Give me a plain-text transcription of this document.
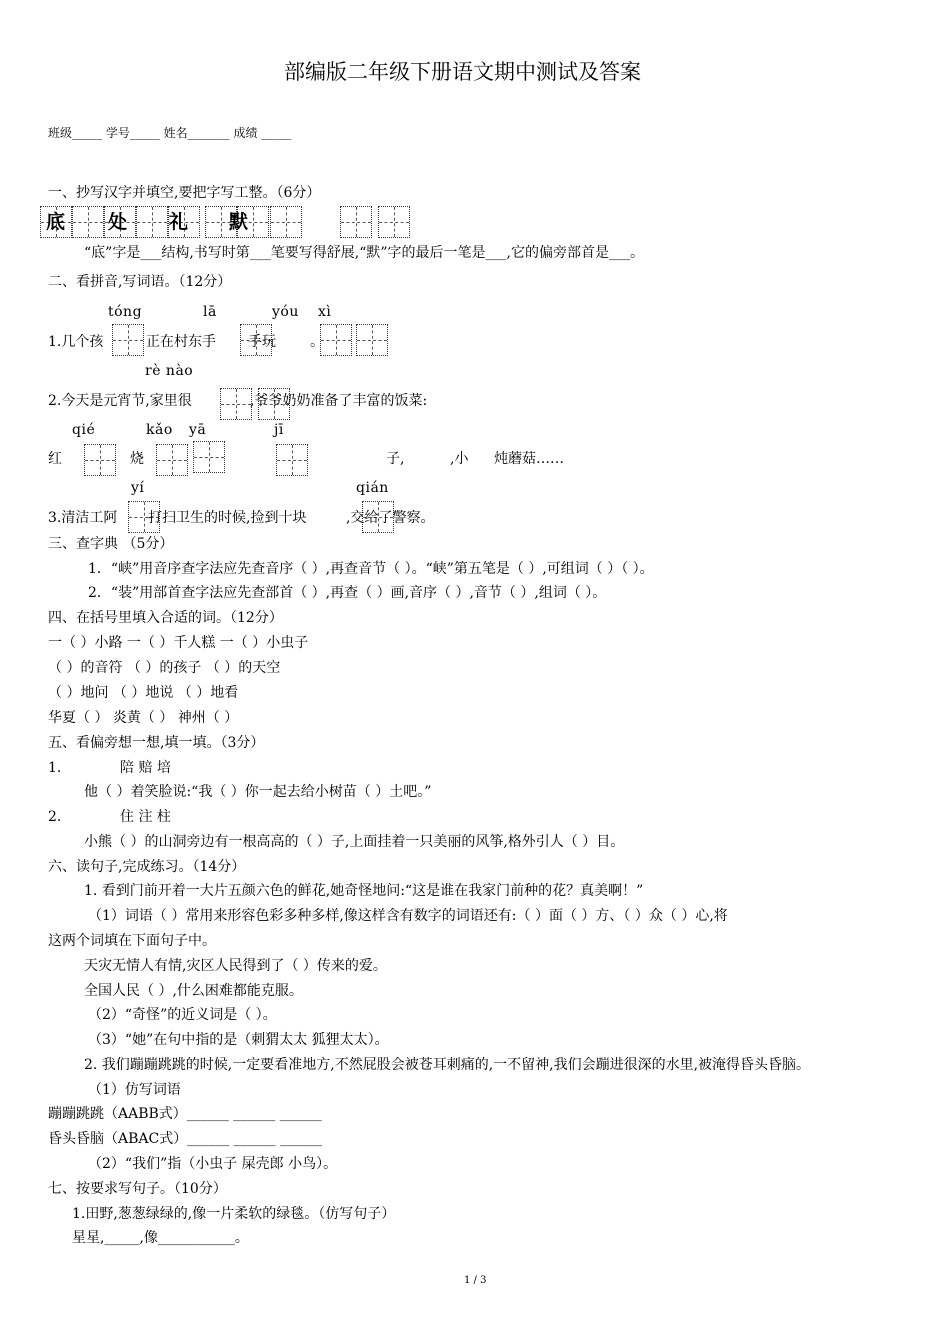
部编版二年级下册语文期中测试及答案
班级_____ 学号_____ 姓名_______ 成绩 _____
一、抄写汉字并填空,要把字写工整。（6分）
底 处 礼 默
“底”字是___结构,书写时第___笔要写得舒展,“默”字的最后一笔是___,它的偏旁部首是___。
二、看拼音,写词语。（12分）
tóng	lā	yóu xì
1.几个孩	正在村东手 手玩 。
rè nào
2.今天是元宵节,家里很	,爷爷奶奶准备了丰富的饭菜:
qié	kǎo yā	jī
红	烧	子,	,小 炖蘑菇……
yí	qián
3.清洁工阿 打扫卫生的时候,捡到十块	,交给了警察。
三、查字典 （5分）
1．“峡”用音序查字法应先查音序（ ）,再查音节（ ）。“峡”第五笔是（ ）,可组词（ ）（ ）。
2．“装”用部首查字法应先查部首（ ）,再查（ ）画,音序（ ）,音节（ ）,组词（ ）。
四、在括号里填入合适的词。（12分）
一（ ）小路 一（ ）千人糕 一（ ）小虫子
（ ）的音符 （ ）的孩子 （ ）的天空
（ ）地问 （ ）地说 （ ）地看
华夏（ ） 炎黄（ ） 神州（ ）
五、看偏旁想一想,填一填。（3分）
1.	陪 赔 培
他（ ）着笑脸说:“我（ ）你一起去给小树苗（ ）土吧。”
2.	住 注 柱
小熊（ ）的山洞旁边有一根高高的（ ）子,上面挂着一只美丽的风筝,格外引人（ ）目。
六、读句子,完成练习。（14分）
1. 看到门前开着一大片五颜六色的鲜花,她奇怪地问:“这是谁在我家门前种的花？真美啊！”
（1）词语（ ）常用来形容色彩多种多样,像这样含有数字的词语还有:（ ）面（ ）方、（ ）众（ ）心,将
这两个词填在下面句子中。
天灾无情人有情,灾区人民得到了（ ）传来的爱。
全国人民（ ）,什么困难都能克服。
（2）“奇怪”的近义词是（ ）。
（3）“她”在句中指的是（刺猬太太 狐狸太太）。
2. 我们蹦蹦跳跳的时候,一定要看准地方,不然屁股会被苍耳刺痛的,一不留神,我们会蹦进很深的水里,被淹得昏头昏脑。
（1）仿写词语
蹦蹦跳跳（AABB式）______ ______ ______
昏头昏脑（ABAC式）______ ______ ______
（2）“我们”指（小虫子 屎壳郎 小鸟）。
七、按要求写句子。（10分）
1.田野,葱葱绿绿的,像一片柔软的绿毯。（仿写句子）
星星,_____,像___________。
1 / 3
